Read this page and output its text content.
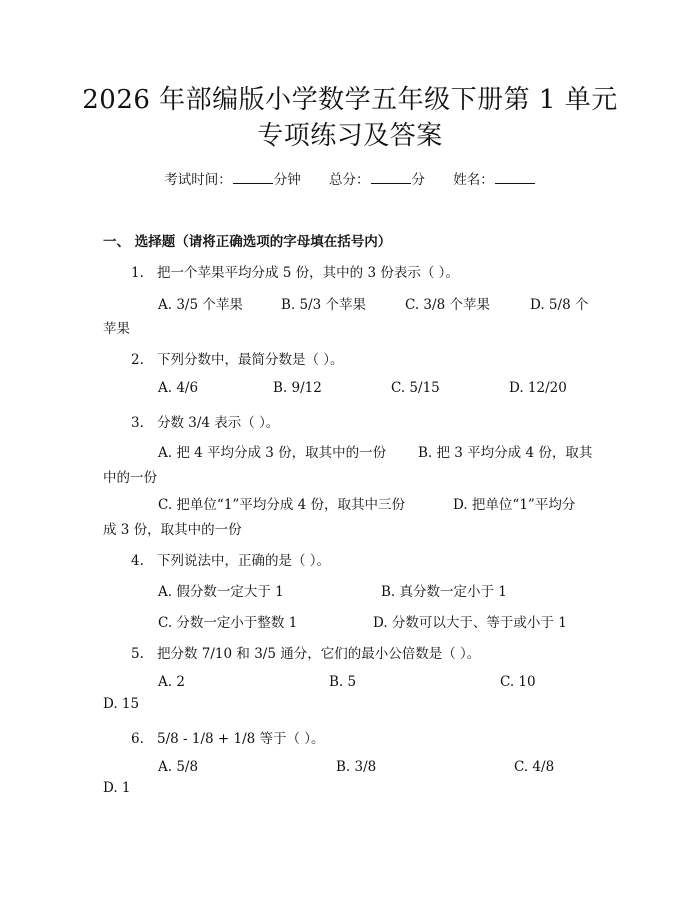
2026 年部编版小学数学五年级下册第 1 单元
专项练习及答案
考试时间：	分钟 总分：	分 姓名：
一、 选择题（请将正确选项的字母填在括号内）
1. 把一个苹果平均分成 5 份，其中的 3 份表示（ ）。
A. 3/5 个苹果	B. 5/3 个苹果	C. 3/8 个苹果	D. 5/8 个
苹果
2. 下列分数中，最简分数是（ ）。
A. 4/6	B. 9/12	C. 5/15	D. 12/20
3. 分数 3/4 表示（ ）。
A. 把 4 平均分成 3 份，取其中的一份 B. 把 3 平均分成 4 份，取其
中的一份
C. 把单位“1”平均分成 4 份，取其中三份	D. 把单位“1”平均分
成 3 份，取其中的一份
4. 下列说法中，正确的是（ ）。
A. 假分数一定大于 1	B. 真分数一定小于 1
C. 分数一定小于整数 1	D. 分数可以大于、等于或小于 1
5. 把分数 7/10 和 3/5 通分，它们的最小公倍数是（ ）。
A. 2	B. 5	C. 10
D. 15
6. 5/8 - 1/8 + 1/8 等于（ ）。
A. 5/8	B. 3/8	C. 4/8
D. 1
